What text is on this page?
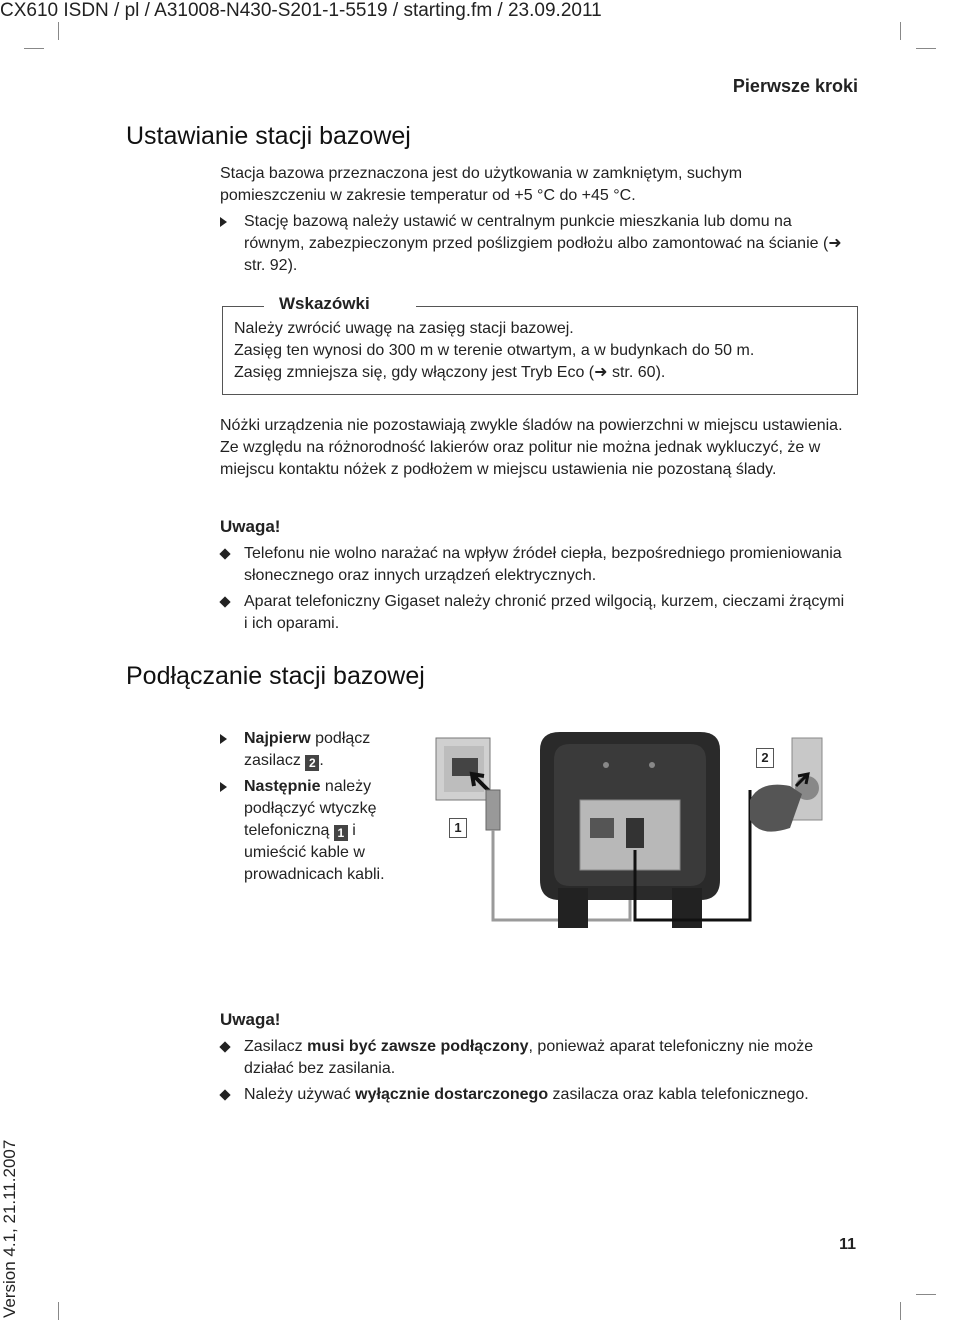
CX610 ISDN / pl / A31008-N430-S201-1-5519 / starting.fm / 23.09.2011
Pierwsze kroki
Ustawianie stacji bazowej
Stacja bazowa przeznaczona jest do użytkowania w zamkniętym, suchym pomieszczeniu w zakresie temperatur od +5 °C do +45 °C.
Stację bazową należy ustawić w centralnym punkcie mieszkania lub domu na równym, zabezpieczonym przed poślizgiem podłożu albo zamontować na ścianie (➜ str. 92).
Wskazówki
Należy zwrócić uwagę na zasięg stacji bazowej.
Zasięg ten wynosi do 300 m w terenie otwartym, a w budynkach do 50 m.
Zasięg zmniejsza się, gdy włączony jest Tryb Eco (➜ str. 60).
Nóżki urządzenia nie pozostawiają zwykle śladów na powierzchni w miejscu ustawienia. Ze względu na różnorodność lakierów oraz politur nie można jednak wykluczyć, że w miejscu kontaktu nóżek z podłożem w miejscu ustawienia nie pozostaną ślady.
Uwaga!
Telefonu nie wolno narażać na wpływ źródeł ciepła, bezpośredniego promieniowania słonecznego oraz innych urządzeń elektrycznych.
Aparat telefoniczny Gigaset należy chronić przed wilgocią, kurzem, cieczami żrącymi i ich oparami.
Podłączanie stacji bazowej
Najpierw podłącz zasilacz 2 .
Następnie należy podłączyć wtyczkę telefoniczną 1 i umieścić kable w prowadnicach kabli.
1
2
Uwaga!
Zasilacz musi być zawsze podłączony, ponieważ aparat telefoniczny nie może działać bez zasilania.
Należy używać wyłącznie dostarczonego zasilacza oraz kabla telefonicznego.
11
Version 4.1, 21.11.2007
